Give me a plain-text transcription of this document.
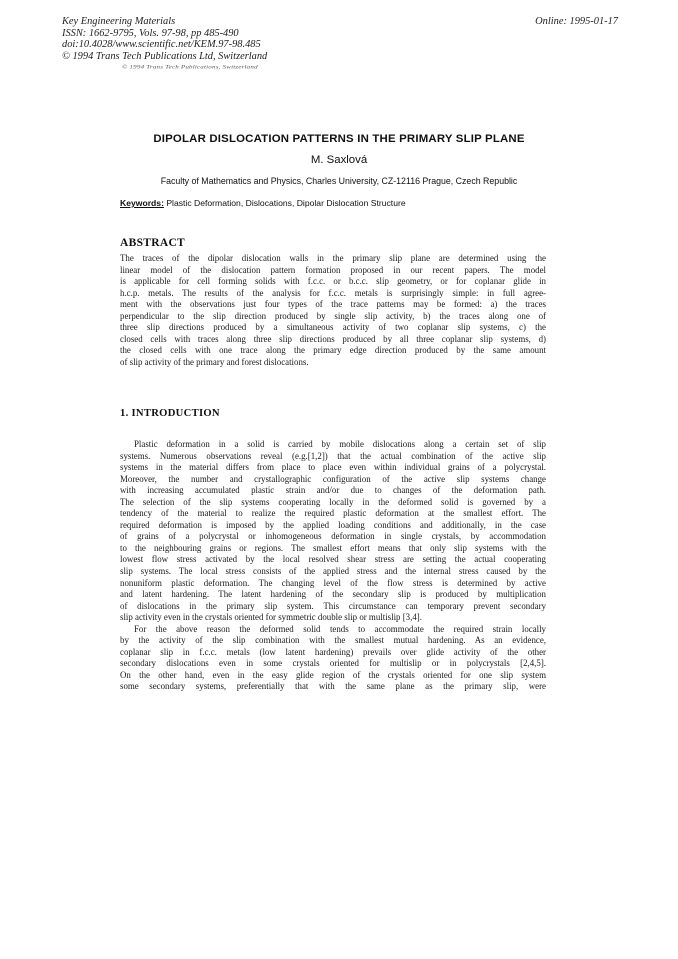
Key Engineering Materials
ISSN: 1662-9795, Vols. 97-98, pp 485-490
doi:10.4028/www.scientific.net/KEM.97-98.485
© 1994 Trans Tech Publications Ltd, Switzerland
Online: 1995-01-17
© 1994 Trans Tech Publications, Switzerland
DIPOLAR DISLOCATION PATTERNS IN THE PRIMARY SLIP PLANE
M. Saxlová
Faculty of Mathematics and Physics, Charles University, CZ-12116 Prague, Czech Republic
Keywords: Plastic Deformation, Dislocations, Dipolar Dislocation Structure
ABSTRACT
The traces of the dipolar dislocation walls in the primary slip plane are determined using the
linear model of the dislocation pattern formation proposed in our recent papers. The model
is applicable for cell forming solids with f.c.c. or b.c.c. slip geometry, or for coplanar glide in
h.c.p. metals. The results of the analysis for f.c.c. metals is surprisingly simple: in full agree-
ment with the observations just four types of the trace patterns may be formed: a) the traces
perpendicular to the slip direction produced by single slip activity, b) the traces along one of
three slip directions produced by a simultaneous activity of two coplanar slip systems, c) the
closed cells with traces along three slip directions produced by all three coplanar slip systems, d)
the closed cells with one trace along the primary edge direction produced by the same amount
of slip activity of the primary and forest dislocations.
1. INTRODUCTION
Plastic deformation in a solid is carried by mobile dislocations along a certain set of slip
systems. Numerous observations reveal (e.g.[1,2]) that the actual combination of the active slip
systems in the material differs from place to place even within individual grains of a polycrystal.
Moreover, the number and crystallographic configuration of the active slip systems change
with increasing accumulated plastic strain and/or due to changes of the deformation path.
The selection of the slip systems cooperating locally in the deformed solid is governed by a
tendency of the material to realize the required plastic deformation at the smallest effort. The
required deformation is imposed by the applied loading conditions and additionally, in the case
of grains of a polycrystal or inhomogeneous deformation in single crystals, by accommodation
to the neighbouring grains or regions. The smallest effort means that only slip systems with the
lowest flow stress activated by the local resolved shear stress are setting the actual cooperating
slip systems. The local stress consists of the applied stress and the internal stress caused by the
nonuniform plastic deformation. The changing level of the flow stress is determined by active
and latent hardening. The latent hardening of the secondary slip is produced by multiplication
of dislocations in the primary slip system. This circumstance can temporary prevent secondary
slip activity even in the crystals oriented for symmetric double slip or multislip [3,4].
For the above reason the deformed solid tends to accommodate the required strain locally
by the activity of the slip combination with the smallest mutual hardening. As an evidence,
coplanar slip in f.c.c. metals (low latent hardening) prevails over glide activity of the other
secondary dislocations even in some crystals oriented for multislip or in polycrystals [2,4,5].
On the other hand, even in the easy glide region of the crystals oriented for one slip system
some secondary systems, preferentially that with the same plane as the primary slip, were
